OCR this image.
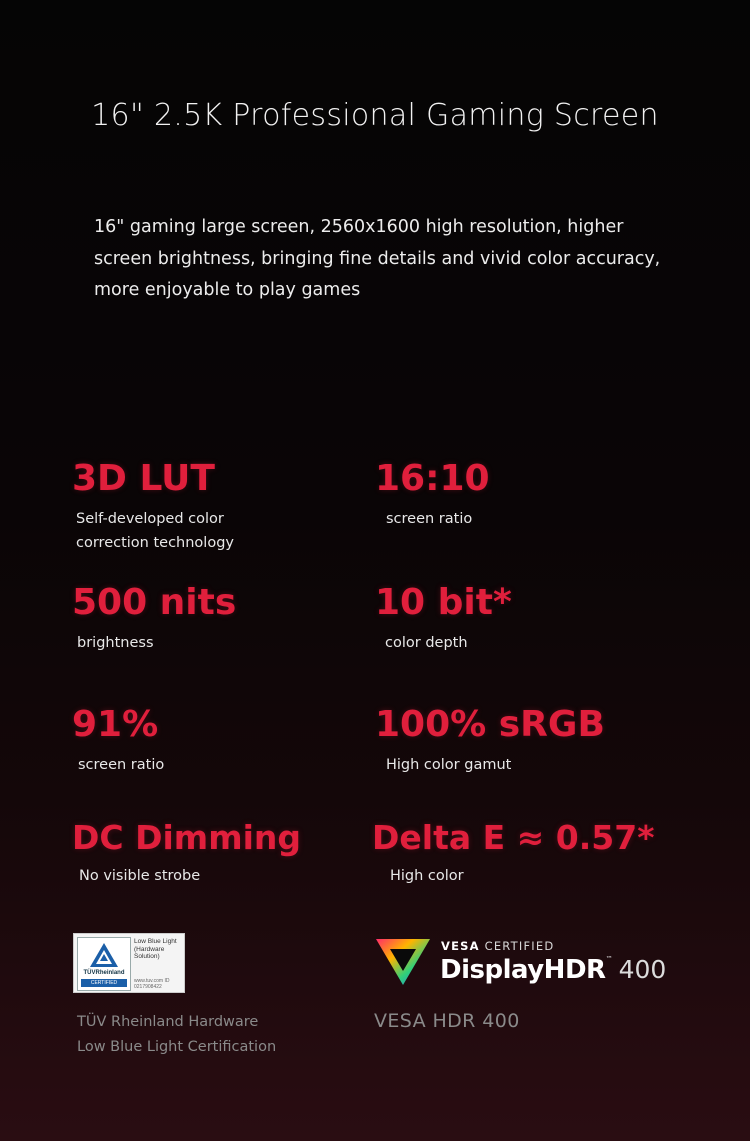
16" 2.5K Professional Gaming Screen
16" gaming large screen, 2560x1600 high resolution, higher screen brightness, bringing fine details and vivid color accuracy, more enjoyable to play games
3D LUT
Self-developed color correction technology
16:10
screen ratio
500 nits
brightness
10 bit*
color depth
91%
screen ratio
100% sRGB
High color gamut
DC Dimming
No visible strobe
Delta E ≈ 0.57*
High color
TÜVRheinland
CERTIFIED
Low Blue Light (Hardware Solution)
www.tuv.com ID 0217908422
TÜV Rheinland Hardware Low Blue Light Certification
VESA CERTIFIED
DisplayHDR™ 400
VESA HDR 400
